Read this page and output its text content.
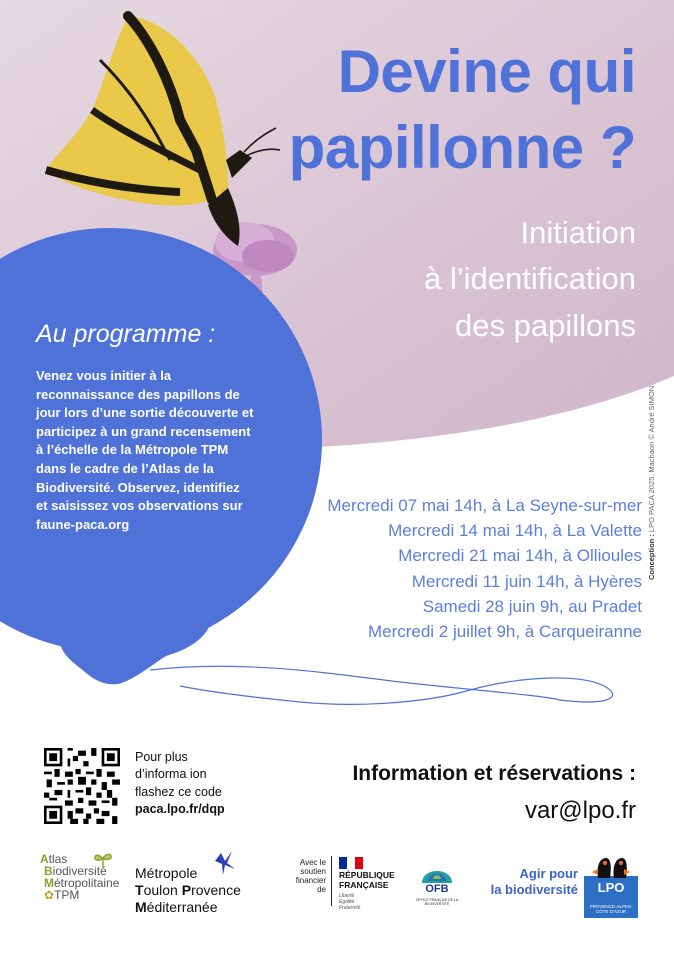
Devine qui
papillonne ?
Initiation
à l’identification
des papillons
Au programme :
Venez vous initier à la reconnaissance des papillons de jour lors d’une sortie découverte et participez à un grand recensement à l’échelle de la Métropole TPM dans le cadre de l’Atlas de la Biodiversité. Observez, identifiez et saisissez vos observations sur faune-paca.org
Mercredi 07 mai 14h, à La Seyne-sur-mer
Mercredi 14 mai 14h, à La Valette
Mercredi 21 mai 14h, à Ollioules
Mercredi 11 juin 14h, à Hyères
Samedi 28 juin 9h, au Pradet
Mercredi 2 juillet 9h, à Carqueiranne
Conception : LPO PACA 2025. Machaon © André SIMON
Pour plus
d’informa ion
flashez ce code
paca.lpo.fr/dqp
Information et réservations :
var@lpo.fr
Atlas
Biodiversité
Métropolitaine
✿TPM
Métropole
Toulon Provence
Méditerranée
Avec le soutien financier de
RÉPUBLIQUE
FRANÇAISE
Liberté
Égalité
Fraternité
OFB
OFFICE FRANÇAIS DE LA BIODIVERSITÉ
Agir pour
la biodiversité	LPO
PROVENCE-ALPES-CÔTE D’AZUR
